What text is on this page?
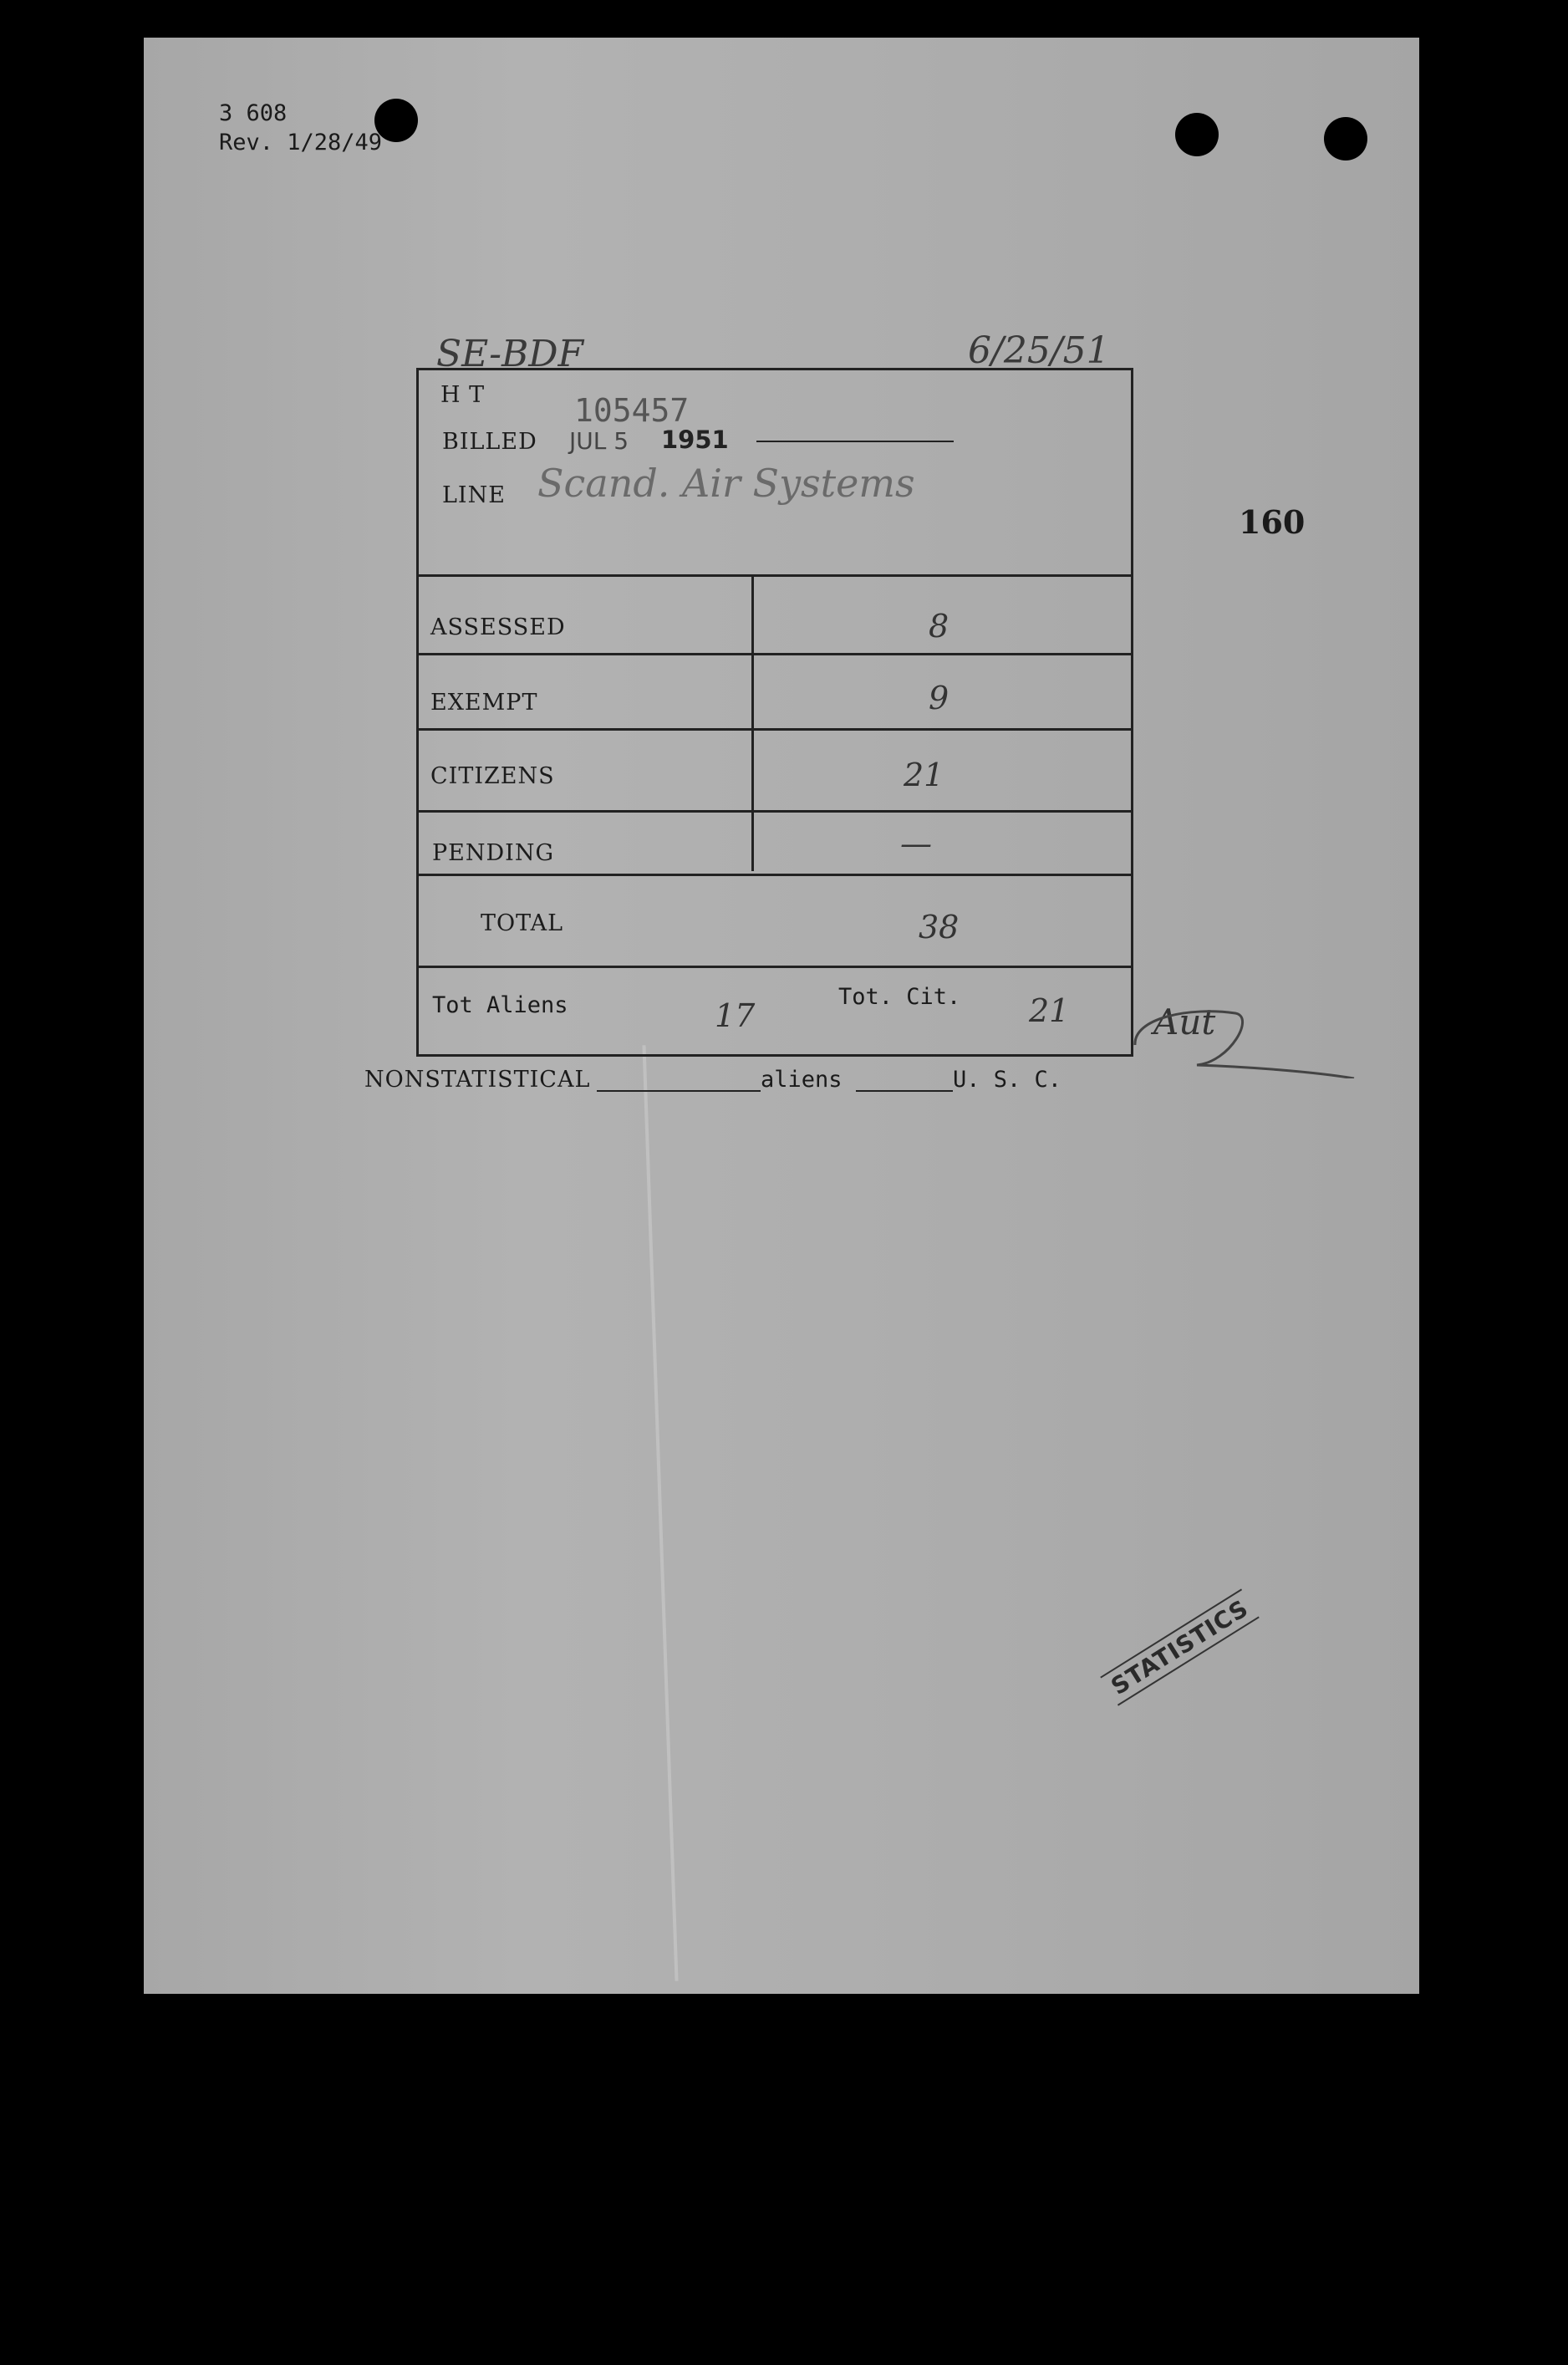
3 608
Rev. 1/28/49
SE-BDF	6/25/51
160
H T	105457
BILLED JUL 5 1951
LINE Scand. Air Systems
ASSESSED	8
EXEMPT	9
CITIZENS	21
PENDING	—
TOTAL	38
Tot Aliens	17
Tot. Cit. 21 Aut
NONSTATISTICAL	aliens	U. S. C.
STATISTICS
